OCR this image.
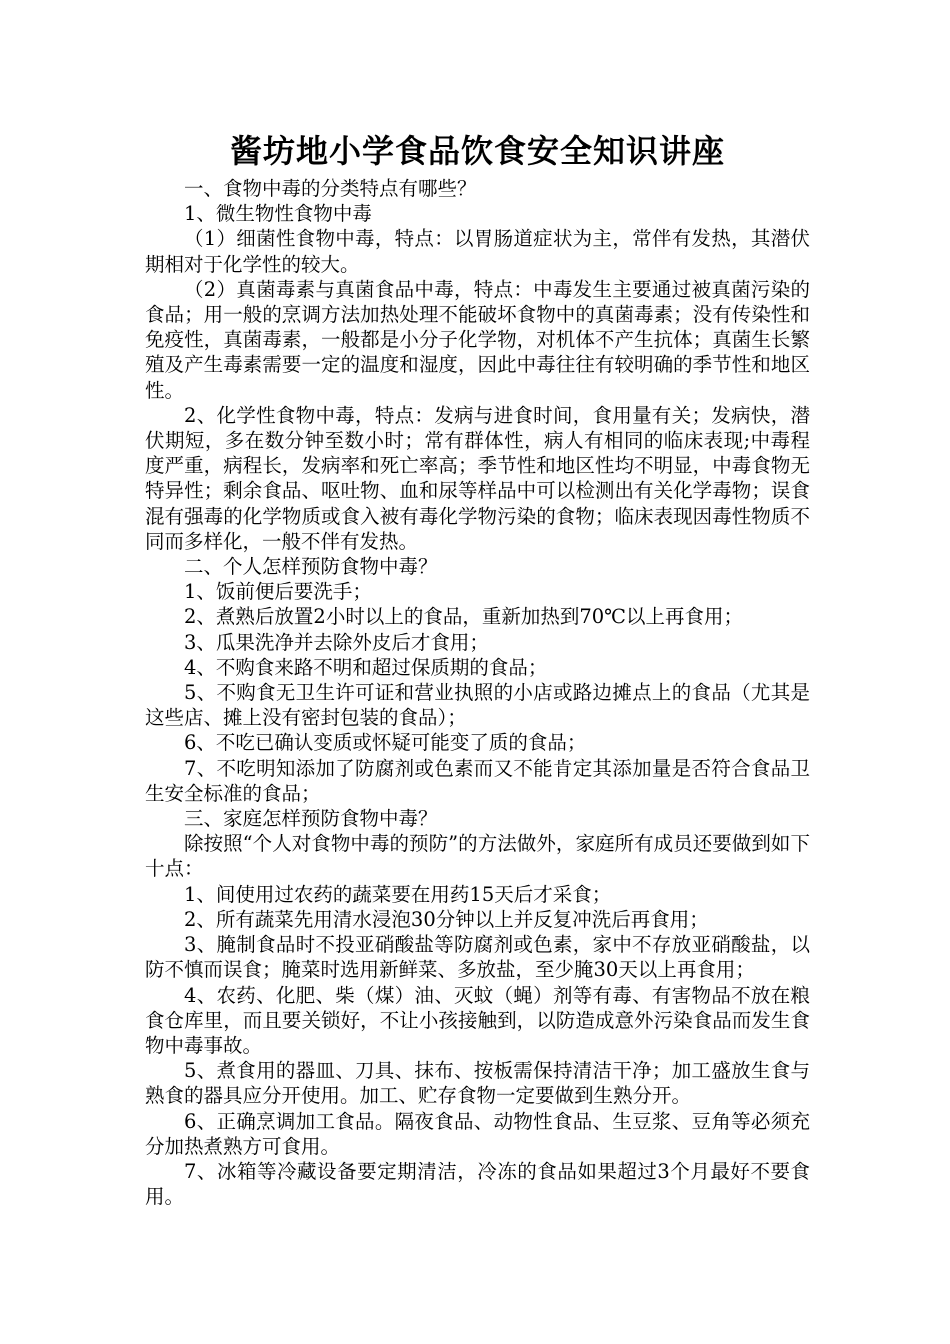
酱坊地小学食品饮食安全知识讲座

一、食物中毒的分类特点有哪些？

1、微生物性食物中毒

（1）细菌性食物中毒，特点：以胃肠道症状为主，常伴有发热，其潜伏期相对于化学性的较大。

（2）真菌毒素与真菌食品中毒，特点：中毒发生主要通过被真菌污染的食品；用一般的烹调方法加热处理不能破坏食物中的真菌毒素；没有传染性和免疫性，真菌毒素，一般都是小分子化学物，对机体不产生抗体；真菌生长繁殖及产生毒素需要一定的温度和湿度，因此中毒往往有较明确的季节性和地区性。

2、化学性食物中毒，特点：发病与进食时间，食用量有关；发病快，潜伏期短，多在数分钟至数小时；常有群体性，病人有相同的临床表现;中毒程度严重，病程长，发病率和死亡率高；季节性和地区性均不明显，中毒食物无特异性；剩余食品、呕吐物、血和尿等样品中可以检测出有关化学毒物；误食混有强毒的化学物质或食入被有毒化学物污染的食物；临床表现因毒性物质不同而多样化，一般不伴有发热。

二、个人怎样预防食物中毒？

1、饭前便后要洗手；

2、煮熟后放置2小时以上的食品，重新加热到70℃以上再食用；

3、瓜果洗净并去除外皮后才食用；

4、不购食来路不明和超过保质期的食品；

5、不购食无卫生许可证和营业执照的小店或路边摊点上的食品（尤其是这些店、摊上没有密封包装的食品）；

6、不吃已确认变质或怀疑可能变了质的食品；

7、不吃明知添加了防腐剂或色素而又不能肯定其添加量是否符合食品卫生安全标准的食品；

三、家庭怎样预防食物中毒？

除按照“个人对食物中毒的预防”的方法做外，家庭所有成员还要做到如下十点：

1、间使用过农药的蔬菜要在用药15天后才采食；

2、所有蔬菜先用清水浸泡30分钟以上并反复冲洗后再食用；

3、腌制食品时不投亚硝酸盐等防腐剂或色素，家中不存放亚硝酸盐，以防不慎而误食；腌菜时选用新鲜菜、多放盐，至少腌30天以上再食用；

4、农药、化肥、柴（煤）油、灭蚊（蝇）剂等有毒、有害物品不放在粮食仓库里，而且要关锁好，不让小孩接触到，以防造成意外污染食品而发生食物中毒事故。

5、煮食用的器皿、刀具、抹布、按板需保持清洁干净；加工盛放生食与熟食的器具应分开使用。加工、贮存食物一定要做到生熟分开。

6、正确烹调加工食品。隔夜食品、动物性食品、生豆浆、豆角等必须充分加热煮熟方可食用。

7、冰箱等冷藏设备要定期清洁，冷冻的食品如果超过3个月最好不要食用。
